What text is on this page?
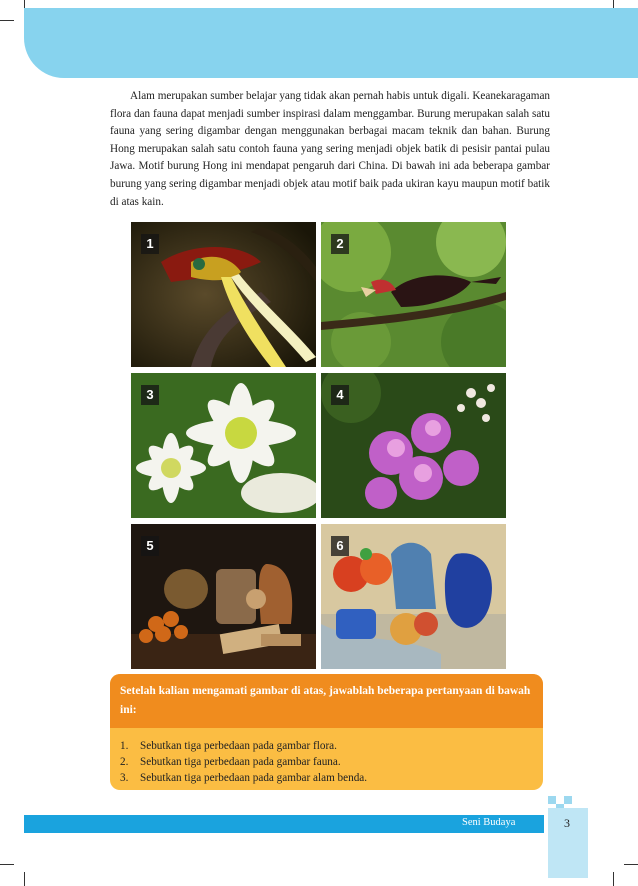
Alam merupakan sumber belajar yang tidak akan pernah habis untuk digali. Keanekaragaman flora dan fauna dapat menjadi sumber inspirasi dalam menggambar. Burung merupakan salah satu fauna yang sering digambar dengan menggunakan berbagai macam teknik dan bahan. Burung Hong merupakan salah satu contoh fauna yang sering menjadi objek batik di pesisir pantai pulau Jawa. Motif burung Hong ini mendapat pengaruh dari China. Di bawah ini ada beberapa gambar burung yang sering digambar menjadi objek atau motif baik pada ukiran kayu maupun motif batik di atas kain.

1	2
3	4
5	6
Setelah kalian mengamati gambar di atas, jawablah beberapa pertanyaan di bawah ini:
1.	Sebutkan tiga perbedaan pada gambar flora.
2.	Sebutkan tiga perbedaan pada gambar fauna.
3.	Sebutkan tiga perbedaan pada gambar alam benda.
Seni Budaya	3
